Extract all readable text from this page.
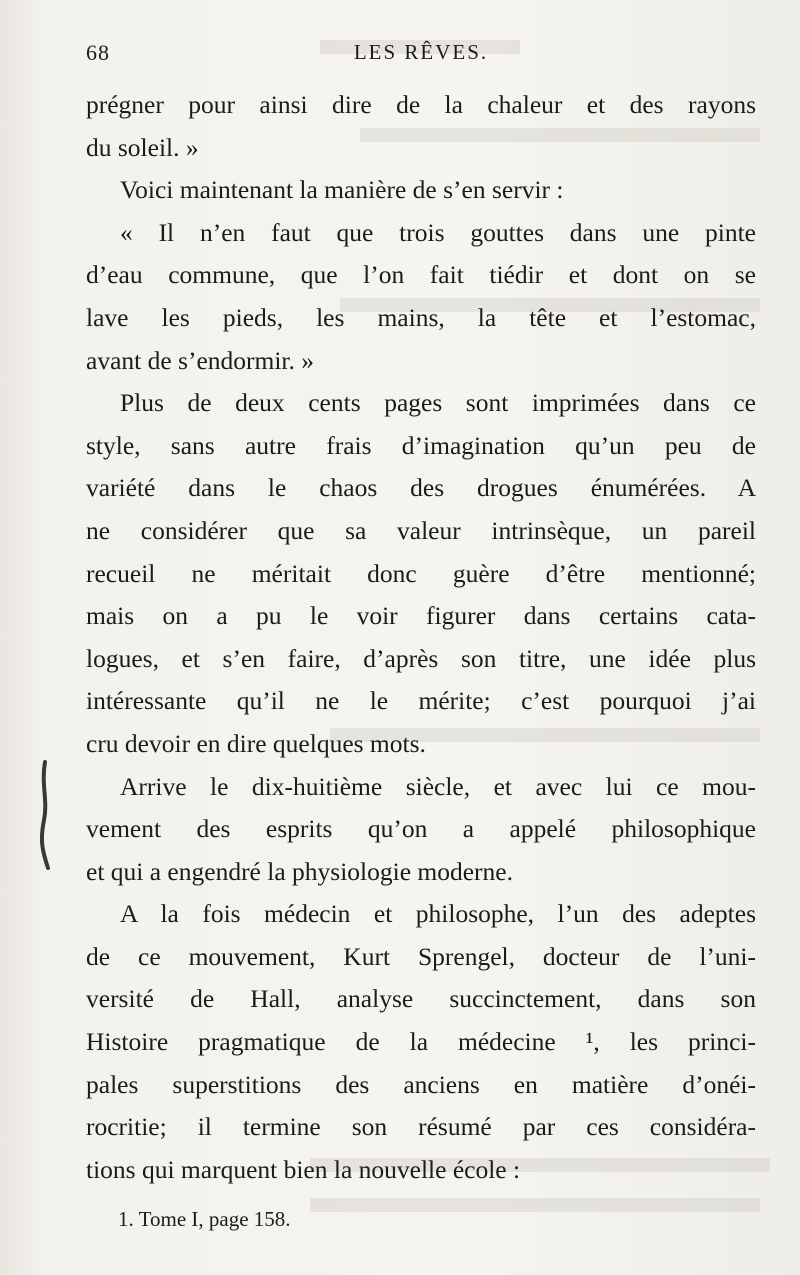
68	LES RÊVES.
prégner pour ainsi dire de la chaleur et des rayons
du soleil. »
Voici maintenant la manière de s’en servir :
« Il n’en faut que trois gouttes dans une pinte
d’eau commune, que l’on fait tiédir et dont on se
lave les pieds, les mains, la tête et l’estomac,
avant de s’endormir. »
Plus de deux cents pages sont imprimées dans ce
style, sans autre frais d’imagination qu’un peu de
variété dans le chaos des drogues énumérées. A
ne considérer que sa valeur intrinsèque, un pareil
recueil ne méritait donc guère d’être mentionné;
mais on a pu le voir figurer dans certains cata-
logues, et s’en faire, d’après son titre, une idée plus
intéressante qu’il ne le mérite; c’est pourquoi j’ai
cru devoir en dire quelques mots.
Arrive le dix-huitième siècle, et avec lui ce mou-
vement des esprits qu’on a appelé philosophique
et qui a engendré la physiologie moderne.
A la fois médecin et philosophe, l’un des adeptes
de ce mouvement, Kurt Sprengel, docteur de l’uni-
versité de Hall, analyse succinctement, dans son
Histoire pragmatique de la médecine ¹, les princi-
pales superstitions des anciens en matière d’onéi-
rocritie; il termine son résumé par ces considéra-
tions qui marquent bien la nouvelle école :
1. Tome I, page 158.
